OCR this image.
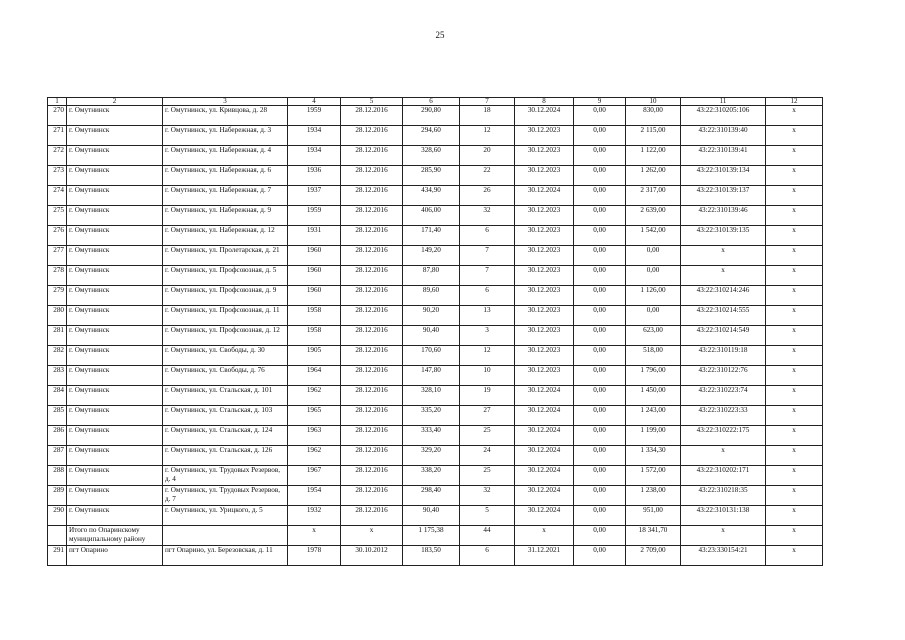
25
1	2	3	4	5	6	7	8	9	10	11	12
270	г. Омутнинск	г. Омутнинск, ул. Кривцова, д. 28	1959	28.12.2016	290,80	18	30.12.2024	0,00	830,00	43:22:310205:106	x
271	г. Омутнинск	г. Омутнинск, ул. Набережная, д. 3	1934	28.12.2016	294,60	12	30.12.2023	0,00	2 115,00	43:22:310139:40	x
272	г. Омутнинск	г. Омутнинск, ул. Набережная, д. 4	1934	28.12.2016	328,60	20	30.12.2023	0,00	1 122,00	43:22:310139:41	x
273	г. Омутнинск	г. Омутнинск, ул. Набережная, д. 6	1936	28.12.2016	285,90	22	30.12.2023	0,00	1 262,00	43:22:310139:134	x
274	г. Омутнинск	г. Омутнинск, ул. Набережная, д. 7	1937	28.12.2016	434,90	26	30.12.2024	0,00	2 317,00	43:22:310139:137	x
275	г. Омутнинск	г. Омутнинск, ул. Набережная, д. 9	1959	28.12.2016	406,00	32	30.12.2023	0,00	2 639,00	43:22:310139:46	x
276	г. Омутнинск	г. Омутнинск, ул. Набережная, д. 12	1931	28.12.2016	171,40	6	30.12.2023	0,00	1 542,00	43:22:310139:135	x
277	г. Омутнинск	г. Омутнинск, ул. Пролетарская, д. 21	1960	28.12.2016	149,20	7	30.12.2023	0,00	0,00	x	x
278	г. Омутнинск	г. Омутнинск, ул. Профсоюзная, д. 5	1960	28.12.2016	87,80	7	30.12.2023	0,00	0,00	x	x
279	г. Омутнинск	г. Омутнинск, ул. Профсоюзная, д. 9	1960	28.12.2016	89,60	6	30.12.2023	0,00	1 126,00	43:22:310214:246	x
280	г. Омутнинск	г. Омутнинск, ул. Профсоюзная, д. 11	1958	28.12.2016	90,20	13	30.12.2023	0,00	0,00	43:22:310214:555	x
281	г. Омутнинск	г. Омутнинск, ул. Профсоюзная, д. 12	1958	28.12.2016	90,40	3	30.12.2023	0,00	623,00	43:22:310214:549	x
282	г. Омутнинск	г. Омутнинск, ул. Свободы, д. 30	1905	28.12.2016	170,60	12	30.12.2023	0,00	518,00	43:22:310119:18	x
283	г. Омутнинск	г. Омутнинск, ул. Свободы, д. 76	1964	28.12.2016	147,80	10	30.12.2023	0,00	1 796,00	43:22:310122:76	x
284	г. Омутнинск	г. Омутнинск, ул. Стальская, д. 101	1962	28.12.2016	328,10	19	30.12.2024	0,00	1 450,00	43:22:310223:74	x
285	г. Омутнинск	г. Омутнинск, ул. Стальская, д. 103	1965	28.12.2016	335,20	27	30.12.2024	0,00	1 243,00	43:22:310223:33	x
286	г. Омутнинск	г. Омутнинск, ул. Стальская, д. 124	1963	28.12.2016	333,40	25	30.12.2024	0,00	1 199,00	43:22:310222:175	x
287	г. Омутнинск	г. Омутнинск, ул. Стальская, д. 126	1962	28.12.2016	329,20	24	30.12.2024	0,00	1 334,30	x	x
288	г. Омутнинск	г. Омутнинск, ул. Трудовых Резервов, д. 4	1967	28.12.2016	338,20	25	30.12.2024	0,00	1 572,00	43:22:310202:171	x
289	г. Омутнинск	г. Омутнинск, ул. Трудовых Резервов, д. 7	1954	28.12.2016	298,40	32	30.12.2024	0,00	1 238,00	43:22:310218:35	x
290	г. Омутнинск	г. Омутнинск, ул. Урицкого, д. 5	1932	28.12.2016	90,40	5	30.12.2024	0,00	951,00	43:22:310131:138	x
	Итого по Опаринскому муниципальному району		x	x	1 175,38	44	x	0,00	18 341,70	x	x
291	пгт Опарино	пгт Опарино, ул. Березовская, д. 11	1978	30.10.2012	183,50	6	31.12.2021	0,00	2 709,00	43:23:330154:21	x
